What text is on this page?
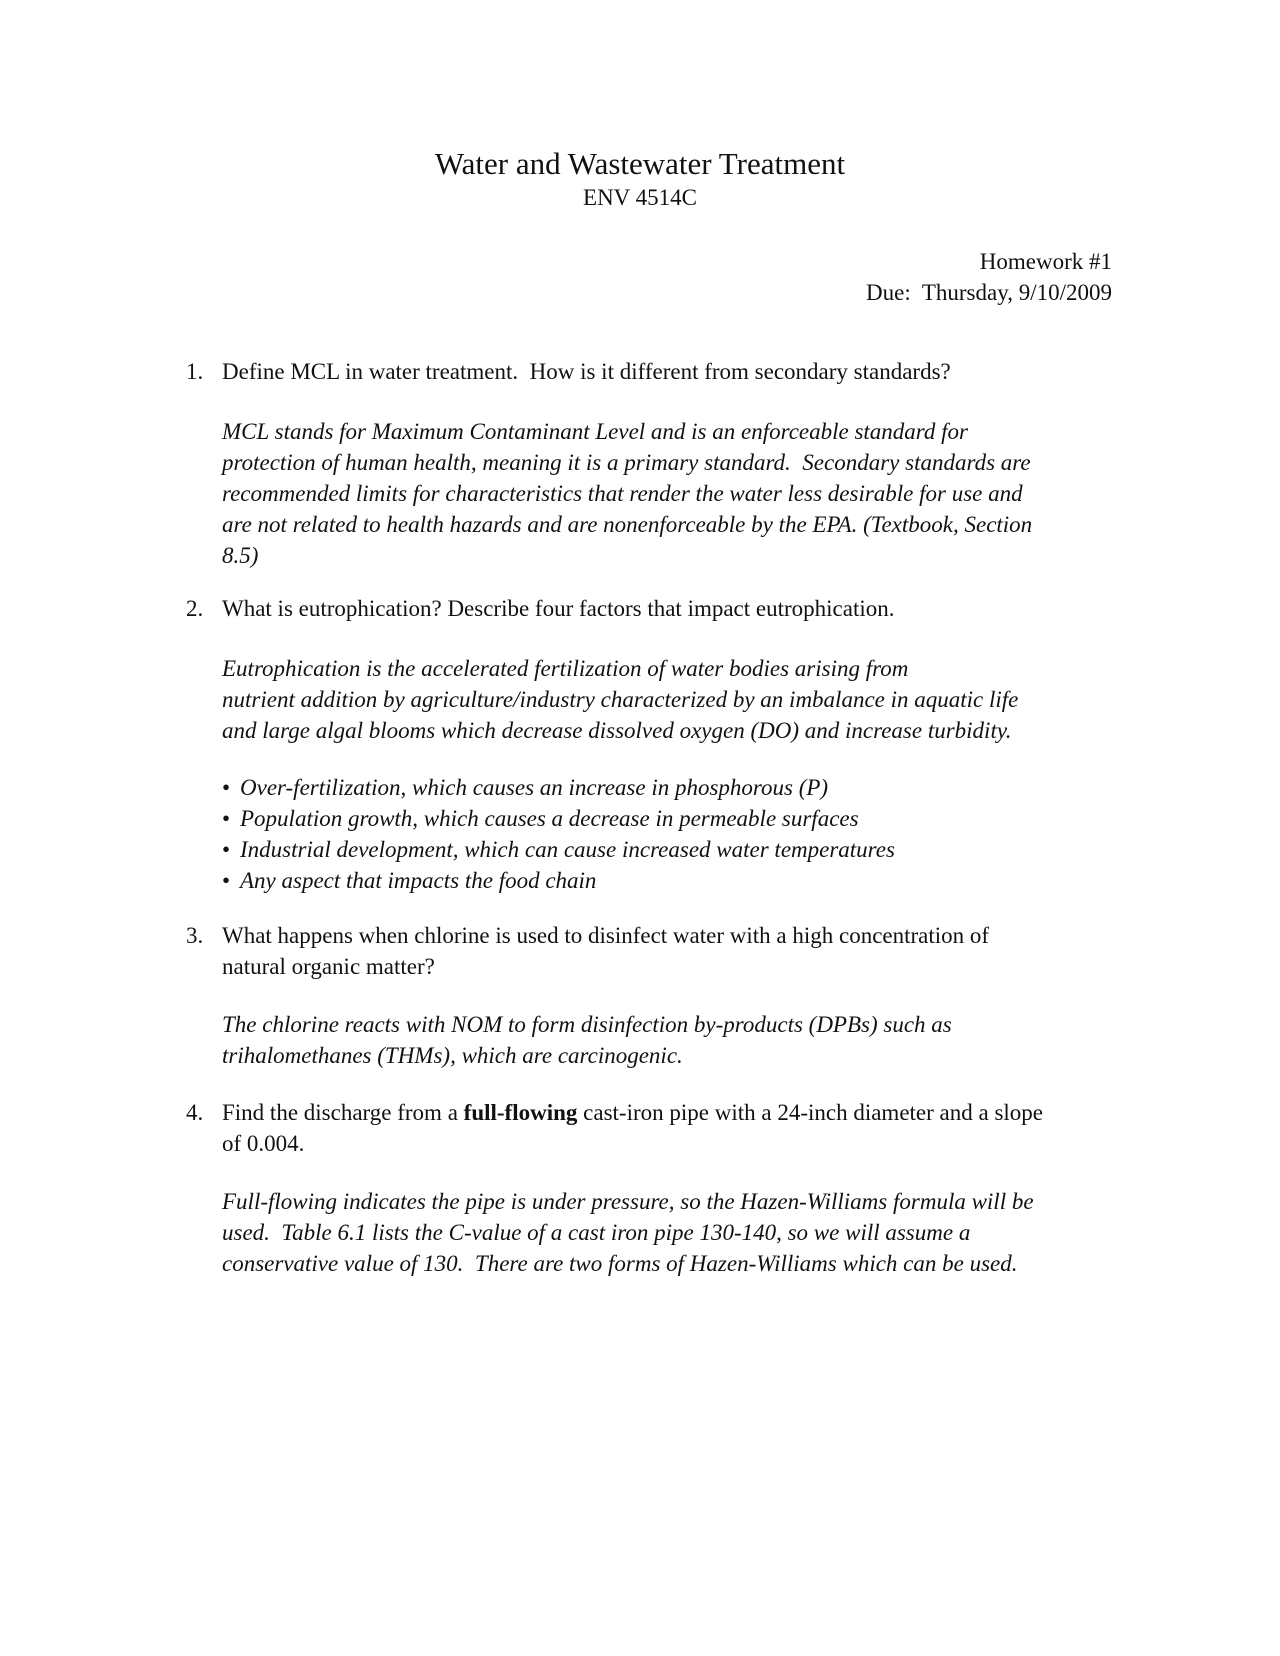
Water and Wastewater Treatment
ENV 4514C
Homework #1
Due:  Thursday, 9/10/2009
1. Define MCL in water treatment.  How is it different from secondary standards?
MCL stands for Maximum Contaminant Level and is an enforceable standard for
protection of human health, meaning it is a primary standard.  Secondary standards are
recommended limits for characteristics that render the water less desirable for use and
are not related to health hazards and are nonenforceable by the EPA. (Textbook, Section
8.5)
2. What is eutrophication? Describe four factors that impact eutrophication.
Eutrophication is the accelerated fertilization of water bodies arising from
nutrient addition by agriculture/industry characterized by an imbalance in aquatic life
and large algal blooms which decrease dissolved oxygen (DO) and increase turbidity.
• Over-fertilization, which causes an increase in phosphorous (P)
• Population growth, which causes a decrease in permeable surfaces
• Industrial development, which can cause increased water temperatures
• Any aspect that impacts the food chain
3. What happens when chlorine is used to disinfect water with a high concentration of
natural organic matter?
The chlorine reacts with NOM to form disinfection by-products (DPBs) such as
trihalomethanes (THMs), which are carcinogenic.
4. Find the discharge from a full-flowing cast-iron pipe with a 24-inch diameter and a slope
of 0.004.
Full-flowing indicates the pipe is under pressure, so the Hazen-Williams formula will be
used.  Table 6.1 lists the C-value of a cast iron pipe 130-140, so we will assume a
conservative value of 130.  There are two forms of Hazen-Williams which can be used.
